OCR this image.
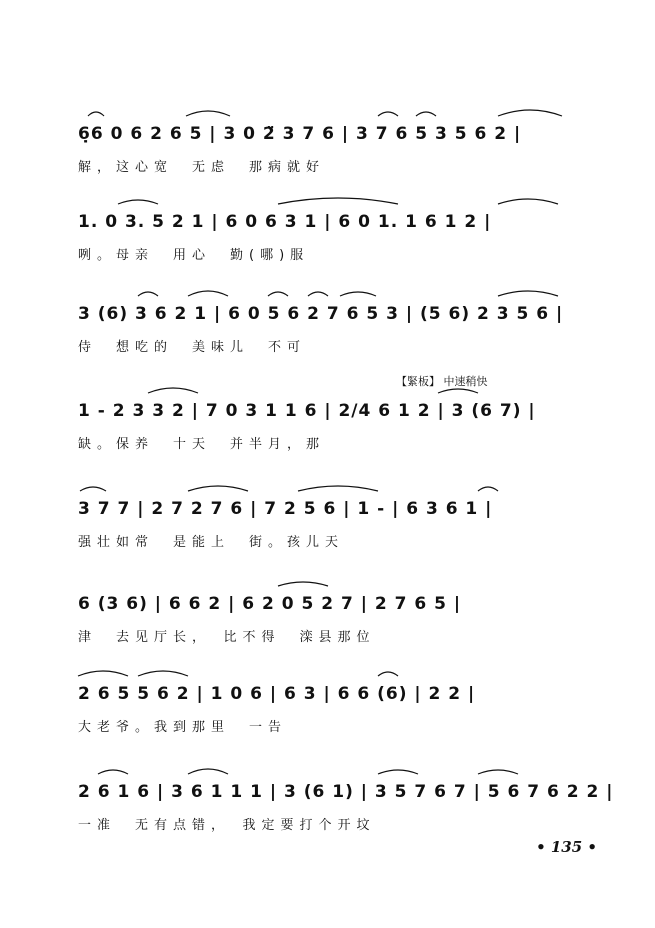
6̣6 0 6 2 6 5 | 3 0 2̈ 3 7 6 | 3 7 6 5 3 5 6 2 |
解，这心宽　无虑　那病就好
1. 0 3. 5 2 1 | 6 0 6 3 1 | 6 0 1. 1 6 1 2 |
咧。母亲　用心　勤(哪)服
3 (6) 3 6 2 1 | 6 0 5 6 2 7 6 5 3 | (5 6) 2 3 5 6 |
侍　想吃的　美味儿　不可
【緊板】 中速稍快
1 - 2 3 3 2 | 7 0 3 1 1 6 | 2/4 6 1 2 | 3 (6 7) |
缺。保养　十天　并半月，那
3 7 7 | 2 7 2 7 6 | 7 2 5 6 | 1 - | 6 3 6 1 |
强壮如常　是能上　街。孩儿天
6 (3 6) | 6 6 2 | 6 2 0 5 2 7 | 2 7 6 5 |
津　去见厅长，　比不得　滦县那位
2 6 5 5 6 2 | 1 0 6 | 6 3 | 6 6 (6) | 2 2 |
大老爷。我到那里　一告
2 6 1 6 | 3 6 1 1 1 | 3 (6 1) | 3 5 7 6 7 | 5 6 7 6 2 2 |
一准　无有点错，　我定要打个开坟
• 135 •
